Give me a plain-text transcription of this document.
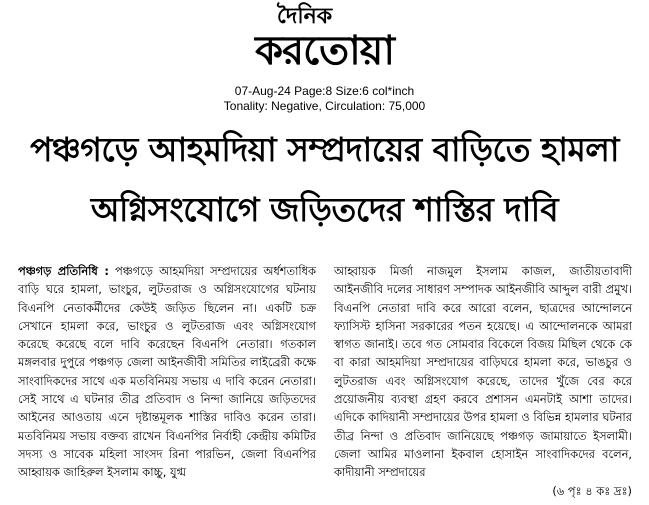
দৈনিক
করতোয়া
07-Aug-24 Page:8 Size:6 col*inch
Tonality: Negative, Circulation: 75,000
পঞ্চগড়ে আহমদিয়া সম্প্রদায়ের বাড়িতে হামলা
অগ্নিসংযোগে জড়িতদের শাস্তির দাবি

পঞ্চগড় প্রতিনিধি : পঞ্চগড়ে আহমদিয়া সম্প্রদায়ের অর্ধশতাধিক বাড়ি ঘরে হামলা, ভাংচুর, লুটতরাজ ও অগ্নিসংযোগের ঘটনায় বিএনপি নেতাকর্মীদের কেউই জড়িত ছিলেন না। একটি চক্র সেখানে হামলা করে, ভাংচুর ও লুটতরাজ এবং অগ্নিসংযোগ করেছে করেছে বলে দাবি করেছেন বিএনপি নেতারা। গতকাল মঙ্গলবার দুপুরে পঞ্চগড় জেলা আইনজীবী সমিতির লাইব্রেরী কক্ষে সাংবাদিকদের সাথে এক মতবিনিময় সভায় এ দাবি করেন নেতারা। সেই সাথে এ ঘটনার তীব্র প্রতিবাদ ও নিন্দা জানিয়ে জড়িতদের আইনের আওতায় এনে দৃষ্টান্তমূলক শাস্তির দাবিও করেন তারা। মতবিনিময় সভায় বক্তব্য রাখেন বিএনপির নির্বাহী কেন্দ্রীয় কমিটির সদস্য ও সাবেক মহিলা সাংসদ রিনা পারভিন, জেলা বিএনপির আহ্বায়ক জাহিরুল ইসলাম কাচ্চু, যুগ্ম

আহ্বায়ক মির্জা নাজমুল ইসলাম কাজল, জাতীয়তাবাদী আইনজীবি দলের সাধারণ সম্পাদক আইনজীবি আব্দুল বারী প্রমুখ। বিএনপি নেতারা দাবি করে আরো বলেন, ছাত্রদের আন্দোলনে ফ্যাসিস্ট হাসিনা সরকারের পতন হয়েছে। এ আন্দোলনকে আমরা স্বাগত জানাই। তবে গত সোমবার বিকেলে বিজয় মিছিল থেকে কে বা কারা আহমদিয়া সম্প্রদায়ের বাড়িঘরে হামলা করে, ভাঙচুর ও লুটতরাজ এবং অগ্নিসংযোগ করেছে, তাদের খুঁজে বের করে প্রয়োজনীয় ব্যবস্থা গ্রহণ করবে প্রশাসন এমনটাই আশা তাদের। এদিকে কাদিয়ানী সম্প্রদায়ের উপর হামলা ও বিভিন্ন হামলার ঘটনার তীব্র নিন্দা ও প্রতিবাদ জানিয়েছে পঞ্চগড় জামায়াতে ইসলামী। জেলা আমির মাওলানা ইকবাল হোসাইন সাংবাদিকদের বলেন, কাদীয়ানী সম্প্রদায়ের

(৬ পৃঃ ৪ কঃ দ্রঃ)
